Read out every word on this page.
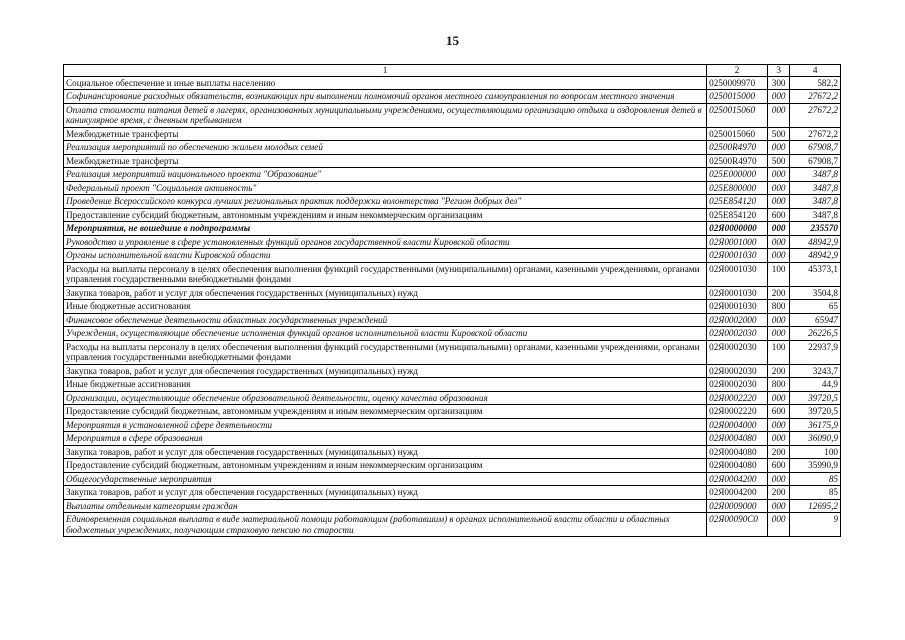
15
1	2	3	4
Социальное обеспечение и иные выплаты населению	0250009970	300	582,2
Софинансирование расходных обязательств, возникающих при выполнении полномочий органов местного самоуправления по вопросам местного значения	0250015000	000	27672,2
Оплата стоимости питания детей в лагерях, организованных муниципальными учреждениями, осуществляющими организацию отдыха и оздоровления детей в каникулярное время, с дневным пребыванием	0250015060	000	27672,2
Межбюджетные трансферты	0250015060	500	27672,2
Реализация мероприятий по обеспечению жильем молодых семей	02500R4970	000	67908,7
Межбюджетные трансферты	02500R4970	500	67908,7
Реализация мероприятий национального проекта "Образование"	025E000000	000	3487,8
Федеральный проект "Социальная активность"	025E800000	000	3487,8
Проведение Всероссийского конкурса лучших региональных практик поддержки волонтерства "Регион добрых дел"	025E854120	000	3487,8
Предоставление субсидий бюджетным, автономным учреждениям и иным некоммерческим организациям	025E854120	600	3487,8
Мероприятия, не вошедшие в подпрограммы	02Я0000000	000	235570
Руководство и управление в сфере установленных функций органов государственной власти Кировской области	02Я0001000	000	48942,9
Органы исполнительной власти Кировской области	02Я0001030	000	48942,9
Расходы на выплаты персоналу в целях обеспечения выполнения функций государственными (муниципальными) органами, казенными учреждениями, органами управления государственными внебюджетными фондами	02Я0001030	100	45373,1
Закупка товаров, работ и услуг для обеспечения государственных (муниципальных) нужд	02Я0001030	200	3504,8
Иные бюджетные ассигнования	02Я0001030	800	65
Финансовое обеспечение деятельности областных государственных учреждений	02Я0002000	000	65947
Учреждения, осуществляющие обеспечение исполнения функций органов исполнительной власти Кировской области	02Я0002030	000	26226,5
Расходы на выплаты персоналу в целях обеспечения выполнения функций государственными (муниципальными) органами, казенными учреждениями, органами управления государственными внебюджетными фондами	02Я0002030	100	22937,9
Закупка товаров, работ и услуг для обеспечения государственных (муниципальных) нужд	02Я0002030	200	3243,7
Иные бюджетные ассигнования	02Я0002030	800	44,9
Организации, осуществляющие обеспечение образовательной деятельности, оценку качества образования	02Я0002220	000	39720,5
Предоставление субсидий бюджетным, автономным учреждениям и иным некоммерческим организациям	02Я0002220	600	39720,5
Мероприятия в установленной сфере деятельности	02Я0004000	000	36175,9
Мероприятия в сфере образования	02Я0004080	000	36090,9
Закупка товаров, работ и услуг для обеспечения государственных (муниципальных) нужд	02Я0004080	200	100
Предоставление субсидий бюджетным, автономным учреждениям и иным некоммерческим организациям	02Я0004080	600	35990,9
Общегосударственные мероприятия	02Я0004200	000	85
Закупка товаров, работ и услуг для обеспечения государственных (муниципальных) нужд	02Я0004200	200	85
Выплаты отдельным категориям граждан	02Я0009000	000	12695,2
Единовременная социальная выплата в виде материальной помощи работающим (работавшим) в органах исполнительной власти области и областных бюджетных учреждениях, получающим страховую пенсию по старости	02Я00090С0	000	9
